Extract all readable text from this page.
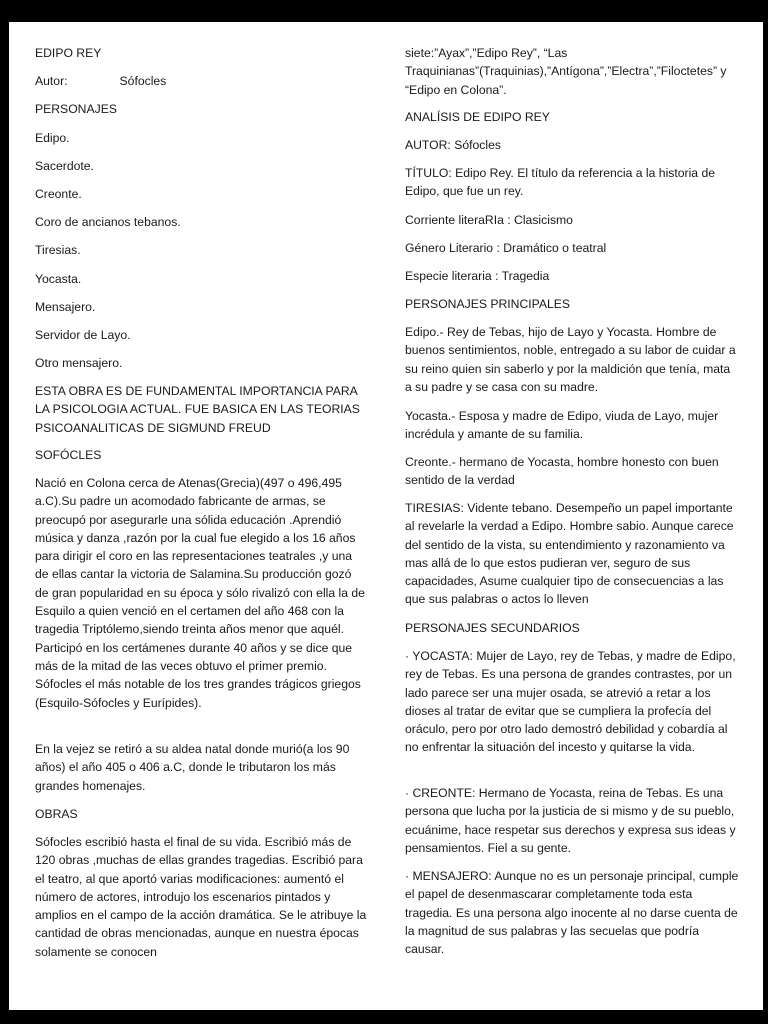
EDIPO REY

Autor:	Sófocles

PERSONAJES

Edipo.

Sacerdote.

Creonte.

Coro de ancianos tebanos.

Tiresias.

Yocasta.

Mensajero.

Servidor de Layo.

Otro mensajero.

ESTA OBRA ES DE FUNDAMENTAL IMPORTANCIA PARA LA PSICOLOGIA ACTUAL. FUE BASICA EN LAS TEORIAS PSICOANALITICAS DE SIGMUND FREUD

SOFÓCLES

Nació en Colona cerca de Atenas(Grecia)(497 o 496,495 a.C).Su padre un acomodado fabricante de armas, se preocupó por asegurarle una sólida educación .Aprendió música y danza ,razón por la cual fue elegido a los 16 años para dirigir el coro en las representaciones teatrales ,y una de ellas cantar la victoria de Salamina.Su producción gozó de gran popularidad en su época y sólo rivalizó con ella la de Esquilo a quien venció en el certamen del año 468 con la tragedia Triptólemo,siendo treinta años menor que aquél. Participó en los certámenes durante 40 años y se dice que más de la mitad de las veces obtuvo el primer premio. Sófocles el más notable de los tres grandes trágicos griegos (Esquilo-Sófocles y Eurípides).

En la vejez se retiró a su aldea natal donde murió(a los 90 años) el año 405 o 406 a.C, donde le tributaron los más grandes homenajes.

OBRAS

Sófocles escribió hasta el final de su vida. Escribió más de 120 obras ,muchas de ellas grandes tragedias. Escribió para el teatro, al que aportó varias modificaciones: aumentó el número de actores, introdujo los escenarios pintados y amplios en el campo de la acción dramática. Se le atribuye la cantidad de obras mencionadas, aunque en nuestra épocas solamente se conocen

siete:”Ayax”,”Edipo Rey”, “Las Traquinianas”(Traquinias),”Antígona”,”Electra”,”Filoctetes” y “Edipo en Colona”.

ANALÍSIS DE EDIPO REY

AUTOR: Sófocles

TÍTULO: Edipo Rey. El título da referencia a la historia de Edipo, que fue un rey.

Corriente literaRIa : Clasicismo

Género Literario : Dramático o teatral

Especie literaria : Tragedia

PERSONAJES PRINCIPALES

Edipo.- Rey de Tebas, hijo de Layo y Yocasta. Hombre de buenos sentimientos, noble, entregado a su labor de cuidar a su reino quien sin saberlo y por la maldición que tenía, mata a su padre y se casa con su madre.

Yocasta.- Esposa y madre de Edipo, viuda de Layo, mujer incrédula y amante de su familia.

Creonte.- hermano de Yocasta, hombre honesto con buen sentido de la verdad

TIRESIAS: Vidente tebano. Desempeño un papel importante al revelarle la verdad a Edipo. Hombre sabio. Aunque carece del sentido de la vista, su entendimiento y razonamiento va mas allá de lo que estos pudieran ver, seguro de sus capacidades, Asume cualquier tipo de consecuencias a las que sus palabras o actos lo lleven

PERSONAJES SECUNDARIOS

· YOCASTA: Mujer de Layo, rey de Tebas, y madre de Edipo, rey de Tebas. Es una persona de grandes contrastes, por un lado parece ser una mujer osada, se atrevió a retar a los dioses al tratar de evitar que se cumpliera la profecía del oráculo, pero por otro lado demostró debilidad y cobardía al no enfrentar la situación del incesto y quitarse la vida.

· CREONTE: Hermano de Yocasta, reina de Tebas. Es una persona que lucha por la justicia de si mismo y de su pueblo, ecuánime, hace respetar sus derechos y expresa sus ideas y pensamientos. Fiel a su gente.

· MENSAJERO: Aunque no es un personaje principal, cumple el papel de desenmascarar completamente toda esta tragedia. Es una persona algo inocente al no darse cuenta de la magnitud de sus palabras y las secuelas que podría causar.
